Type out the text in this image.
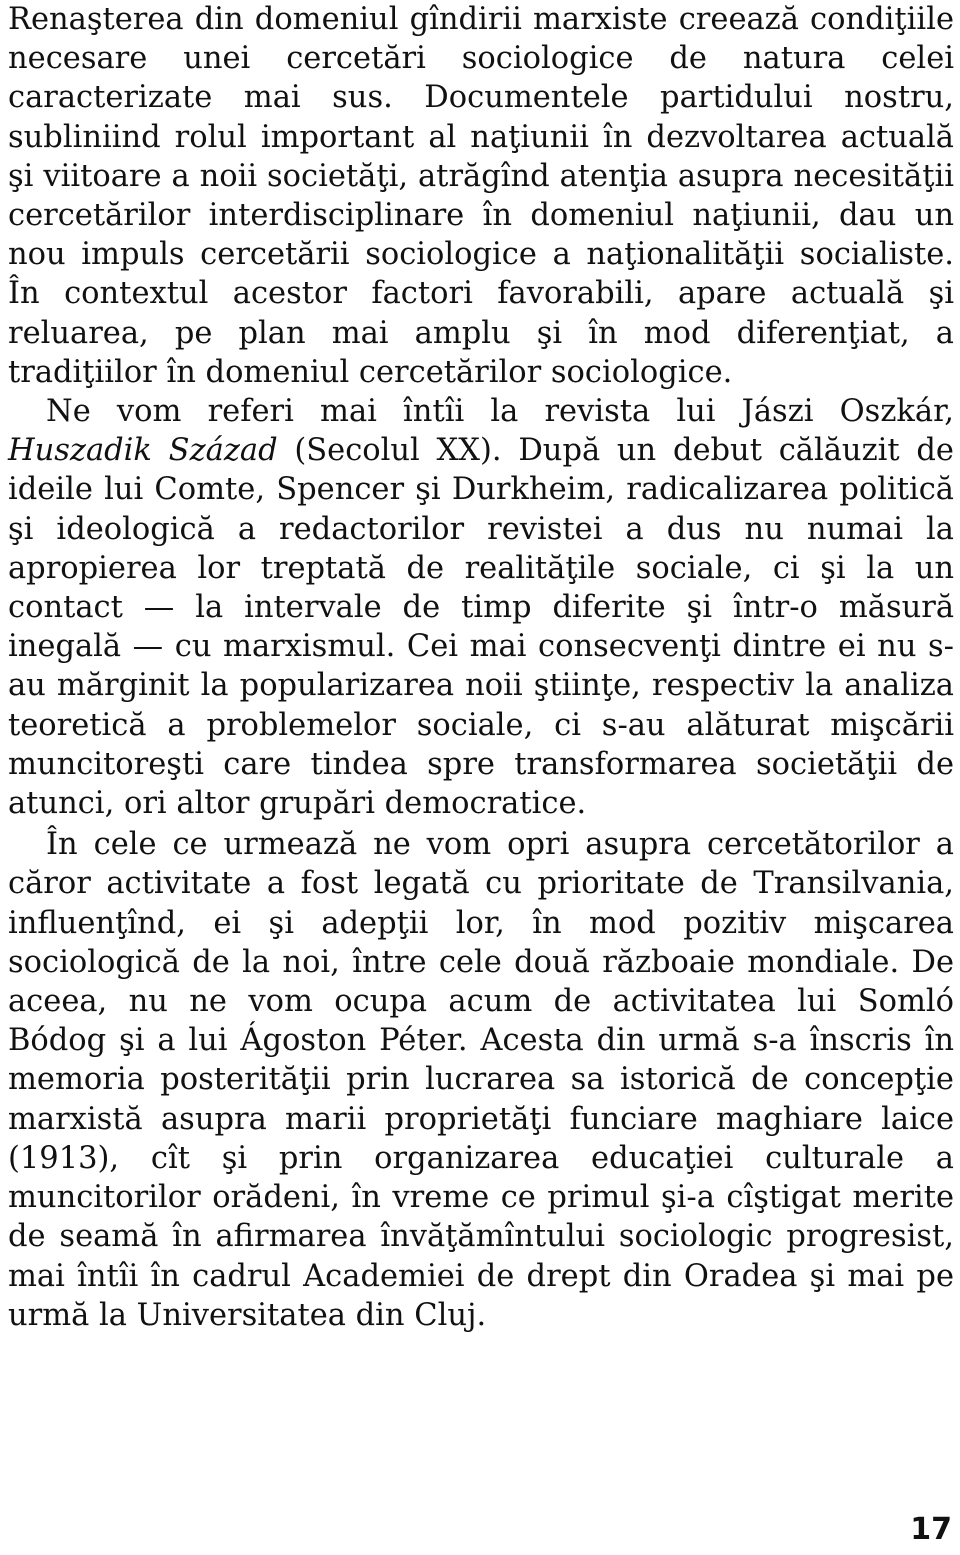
Renaşterea din domeniul gîndirii marxiste creează condiţiile necesare unei cercetări sociologice de natura celei caracterizate mai sus. Documentele partidului nostru, subliniind rolul important al naţiunii în dezvoltarea actuală şi viitoare a noii societăţi, atrăgînd atenţia asupra necesităţii cercetărilor interdisciplinare în domeniul naţiunii, dau un nou impuls cercetării sociologice a naţionalităţii socialiste. În contextul acestor factori favorabili, apare actuală şi reluarea, pe plan mai amplu şi în mod diferenţiat, a tradiţiilor în domeniul cercetărilor sociologice.

Ne vom referi mai întîi la revista lui Jászi Oszkár, Huszadik Század (Secolul XX). După un debut călăuzit de ideile lui Comte, Spencer şi Durkheim, radicalizarea politică şi ideologică a redactorilor revistei a dus nu numai la apropierea lor treptată de realităţile sociale, ci şi la un contact — la intervale de timp diferite şi într-o măsură inegală — cu marxismul. Cei mai consecvenţi dintre ei nu s-au mărginit la popularizarea noii ştiinţe, respectiv la analiza teoretică a problemelor sociale, ci s-au alăturat mişcării muncitoreşti care tindea spre transformarea societăţii de atunci, ori altor grupări democratice.

În cele ce urmează ne vom opri asupra cercetătorilor a căror activitate a fost legată cu prioritate de Transilvania, influenţînd, ei şi adepţii lor, în mod pozitiv mişcarea sociologică de la noi, între cele două războaie mondiale. De aceea, nu ne vom ocupa acum de activitatea lui Somló Bódog şi a lui Ágoston Péter. Acesta din urmă s-a înscris în memoria posterităţii prin lucrarea sa istorică de concepţie marxistă asupra marii proprietăţi funciare maghiare laice (1913), cît şi prin organizarea educaţiei culturale a muncitorilor orădeni, în vreme ce primul şi-a cîştigat merite de seamă în afirmarea învăţămîntului sociologic progresist, mai întîi în cadrul Academiei de drept din Oradea şi mai pe urmă la Universitatea din Cluj.

17
